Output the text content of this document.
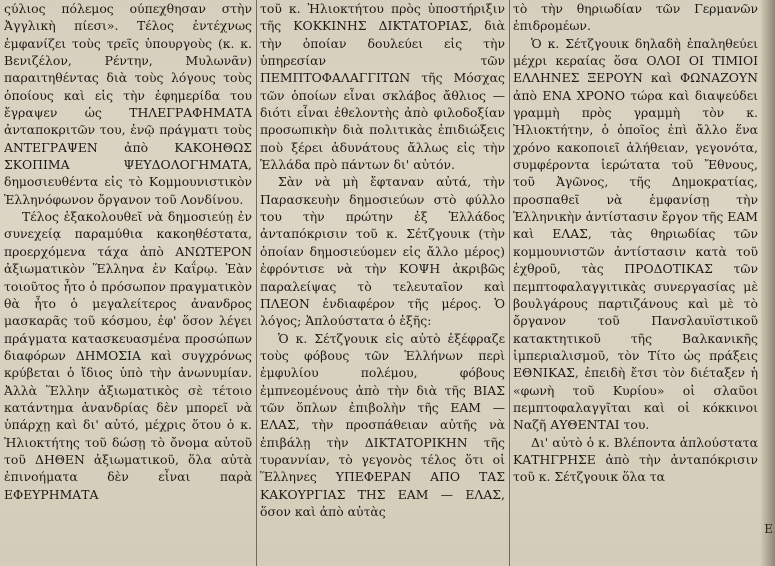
ςύλιος πόλεμος ούπεχθησαν στὴν Ἀγγλικὴ πίεσι». Τέλος ἐντέχνως ἐμφανίζει τοὺς τρεῖς ὑπουργοὺς (κ. κ. Βενιζέλον, Ρέντην, Μυλωνᾶν) παραιτηθέντας διὰ τοὺς λόγους τοὺς ὁποίους καὶ εἰς τὴν ἐφημερίδα του ἔγραψεν ὡς ΤΗΛΕΓΡΑΦΗΜΑΤΑ ἀνταποκριτῶν του, ἐνῷ πράγματι τοὺς ΑΝΤΕΓΡΑΨΕΝ ἀπὸ ΚΑΚΟΗΘΩΣ ΣΚΟΠΙΜΑ ΨΕΥΔΟΛΟΓΗΜΑΤΑ, δημοσιευθέντα εἰς τὸ Κομμουνιστικὸν Ἑλληνόφωνον ὄργανον τοῦ Λονδίνου.

Τέλος ἐξακολουθεῖ νὰ δημοσιεύῃ ἐν συνεχείᾳ παραμύθια κακοηθέστατα, προερχόμενα τάχα ἀπὸ ΑΝΩΤΕΡΟΝ ἀξιωματικὸν Ἕλληνα ἐν Καΐρῳ. Ἐὰν τοιοῦτος ἦτο ὁ πρόσωπον πραγματικὸν θὰ ἦτο ὁ μεγαλείτερος ἀνανδρος μασκαρᾶς τοῦ κόσμου, ἐφ' ὅσον λέγει πράγματα κατασκευασμένα προσώπων διαφόρων ΔΗΜΟΣΙΑ καὶ συγχρόνως κρύβεται ὁ ἴδιος ὑπὸ τὴν ἀνωνυμίαν. Ἀλλὰ Ἕλλην ἀξιωματικὸς σὲ τέτοιο κατάντημα ἀνανδρίας δὲν μπορεῖ νὰ ὑπάρχῃ καὶ δι' αὐτό, μέχρις ὅτου ὁ κ. Ἠλιοκτήτης τοῦ δώσῃ τὸ ὄνομα αὐτοῦ τοῦ ΔΗΘΕΝ ἀξιωματικοῦ, ὅλα αὐτὰ ἐπινοήματα δὲν εἶναι παρὰ ΕΦΕΥΡΗΜΑΤΑ

τοῦ κ. Ἠλιοκτήτου πρὸς ὑποστήριξιν τῆς ΚΟΚΚΙΝΗΣ ΔΙΚΤΑΤΟΡΙΑΣ, διὰ τὴν ὁποίαν δουλεύει εἰς τὴν ὑπηρεσίαν τῶν ΠΕΜΠΤΟΦΑΛΑΓΓΙΤΩΝ τῆς Μόσχας τῶν ὁποίων εἶναι σκλάβος ἄθλιος — διότι εἶναι ἐθελοντὴς ἀπὸ φιλοδοξίαν προσωπικὴν διὰ πολιτικὰς ἐπιδιώξεις ποὺ ξέρει ἀδυνάτους ἄλλως εἰς τὴν Ἑλλάδα πρὸ πάντων δι' αὐτόν.

Σὰν νὰ μὴ ἔφταναν αὐτά, τὴν Παρασκευὴν δημοσιεύων στὸ φύλλο του τὴν πρώτην ἐξ Ἑλλάδος ἀνταπόκρισιν τοῦ κ. Σέτζγουικ (τὴν ὁποίαν δημοσιεύομεν εἰς ἄλλο μέρος) ἐφρόντισε νὰ τὴν ΚΟΨΗ ἀκριβῶς παραλείψας τὸ τελευταῖον καὶ ΠΛΕΟΝ ἐνδιαφέρον τῆς μέρος. Ὁ λόγος; Ἁπλούστατα ὁ ἑξῆς:

Ὁ κ. Σέτζγουικ εἰς αὐτὸ ἐξέφραζε τοὺς φόβους τῶν Ἑλλήνων περὶ ἐμφυλίου πολέμου, φόβους ἐμπνεομένους ἀπὸ τὴν διὰ τῆς ΒΙΑΣ τῶν ὅπλων ἐπιβολὴν τῆς ΕΑΜ — ΕΛΑΣ, τὴν προσπάθειαν αὐτῆς νὰ ἐπιβάλῃ τὴν ΔΙΚΤΑΤΟΡΙΚΗΝ τῆς τυραννίαν, τὸ γεγονὸς τέλος ὅτι οἱ Ἕλληνες ΥΠΕΦΕΡΑΝ ΑΠΟ ΤΑΣ ΚΑΚΟΥΡΓΙΑΣ ΤΗΣ ΕΑΜ — ΕΛΑΣ, ὅσον καὶ ἀπὸ αὐτὰς

τὸ τὴν θηριωδίαν τῶν Γερμανῶν ἐπιδρομέων.

Ὁ κ. Σέτζγουικ δηλαδὴ ἐπαληθεύει μέχρι κεραίας ὅσα ΟΛΟΙ ΟΙ ΤΙΜΙΟΙ ΕΛΛΗΝΕΣ ΞΕΡΟΥΝ καὶ ΦΩΝΑΖΟΥΝ ἀπὸ ΕΝΑ ΧΡΟΝΟ τώρα καὶ διαψεύδει γραμμὴ πρὸς γραμμὴ τὸν κ. Ἠλιοκτήτην, ὁ ὁποῖος ἐπὶ ἄλλο ἕνα χρόνο κακοποιεῖ ἀλήθειαν, γεγονότα, συμφέροντα ἱερώτατα τοῦ Ἔθνους, τοῦ Ἀγῶνος, τῆς Δημοκρατίας, προσπαθεῖ νὰ ἐμφανίσῃ τὴν Ἑλληνικὴν ἀντίστασιν ἔργον τῆς ΕΑΜ καὶ ΕΛΑΣ, τὰς θηριωδίας τῶν κομμουνιστῶν ἀντίστασιν κατὰ τοῦ ἐχθροῦ, τὰς ΠΡΟΔΟΤΙΚΑΣ τῶν πεμπτοφαλαγγιτικὰς συνεργασίας μὲ βουλγάρους παρτιζάνους καὶ μὲ τὸ ὄργανον τοῦ Πανσλαυϊστικοῦ κατακτητικοῦ τῆς Βαλκανικῆς ἱμπεριαλισμοῦ, τὸν Τίτο ὡς πράξεις ΕΘΝΙΚΑΣ, ἐπειδὴ ἔτσι τὸν διέταξεν ἡ «φωνὴ τοῦ Κυρίου» οἱ σλαῦοι πεμπτοφαλαγγῖται καὶ οἱ κόκκινοι Ναζῆ ΑΥΘΕΝΤΑΙ του.

Δι' αὐτὸ ὁ κ. Βλέποντα ἁπλούστατα ΚΑΤΗΓΡΗΣΕ ἀπὸ τὴν ἀνταπόκρισιν τοῦ κ. Σέτζγουικ ὅλα τα

E
